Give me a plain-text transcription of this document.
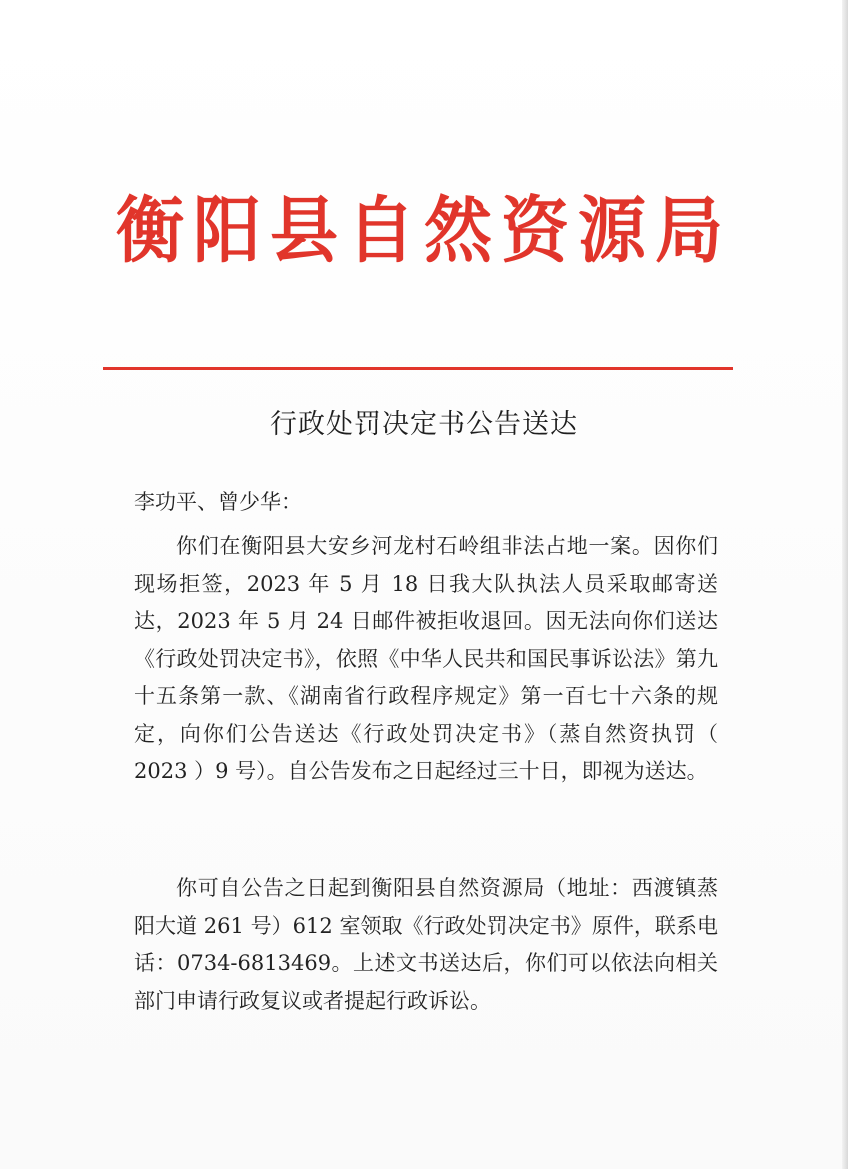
衡阳县自然资源局
行政处罚决定书公告送达
李功平、曾少华：
你们在衡阳县大安乡河龙村石岭组非法占地一案。因你们现场拒签，2023 年 5 月 18 日我大队执法人员采取邮寄送达，2023 年 5 月 24 日邮件被拒收退回。因无法向你们送达《行政处罚决定书》，依照《中华人民共和国民事诉讼法》第九十五条第一款、《湖南省行政程序规定》第一百七十六条的规定，向你们公告送达《行政处罚决定书》（蒸自然资执罚（ 2023 ）9 号）。自公告发布之日起经过三十日，即视为送达。
你可自公告之日起到衡阳县自然资源局（地址：西渡镇蒸阳大道 261 号）612 室领取《行政处罚决定书》原件，联系电话：0734-6813469。上述文书送达后，你们可以依法向相关部门申请行政复议或者提起行政诉讼。
